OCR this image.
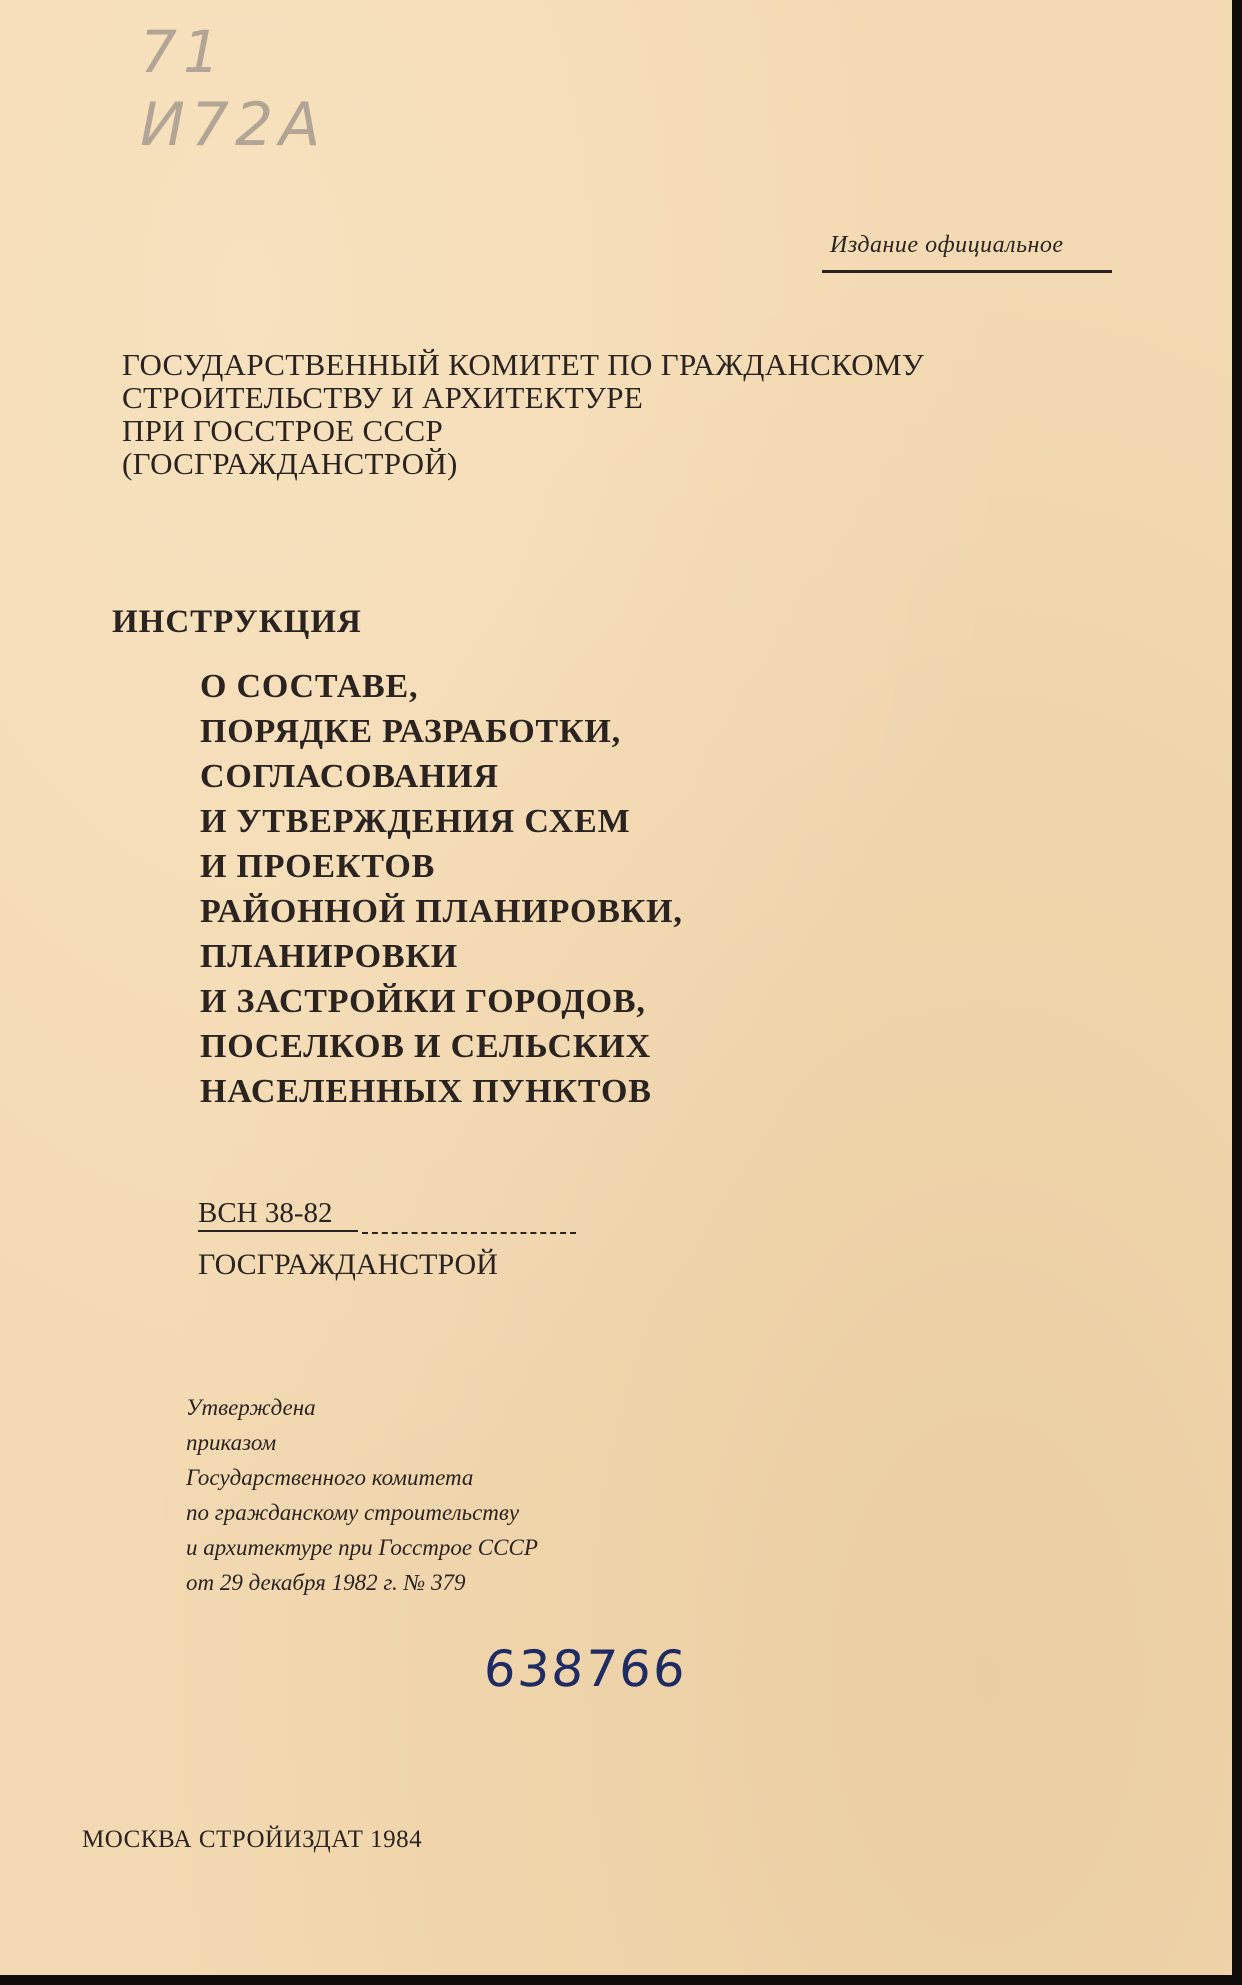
71
И72А
Издание официальное
ГОСУДАРСТВЕННЫЙ КОМИТЕТ ПО ГРАЖДАНСКОМУ
СТРОИТЕЛЬСТВУ И АРХИТЕКТУРЕ
ПРИ ГОССТРОЕ СССР
(ГОСГРАЖДАНСТРОЙ)
ИНСТРУКЦИЯ
О СОСТАВЕ,
ПОРЯДКЕ РАЗРАБОТКИ,
СОГЛАСОВАНИЯ
И УТВЕРЖДЕНИЯ СХЕМ
И ПРОЕКТОВ
РАЙОННОЙ ПЛАНИРОВКИ,
ПЛАНИРОВКИ
И ЗАСТРОЙКИ ГОРОДОВ,
ПОСЕЛКОВ И СЕЛЬСКИХ
НАСЕЛЕННЫХ ПУНКТОВ
ВСН 38-82
ГОСГРАЖДАНСТРОЙ
Утверждена
приказом
Государственного комитета
по гражданскому строительству
и архитектуре при Госстрое СССР
от 29 декабря 1982 г. № 379
638766
МОСКВА СТРОЙИЗДАТ 1984
